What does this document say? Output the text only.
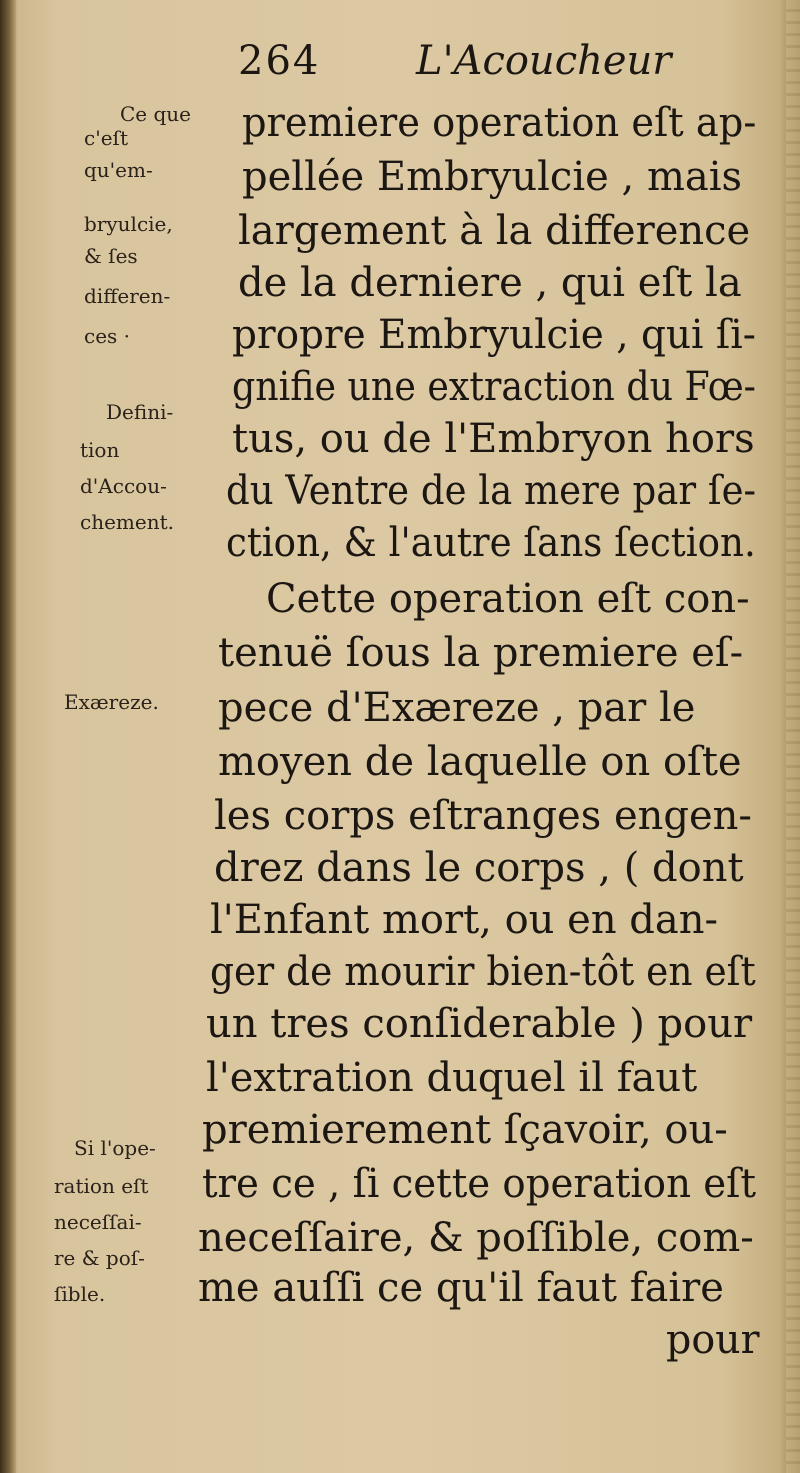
264 L'Acoucheur
premiere operation eſt ap-
pellée Embryulcie , mais
largement à la difference
de la derniere , qui eſt la
propre Embryulcie , qui ſi-
gnifie une extraction du Fœ-
tus, ou de l'Embryon hors
du Ventre de la mere par ſe-
ction, & l'autre ſans ſection.
Cette operation eſt con-
tenuë ſous la premiere eſ-
pece d'Exæreze , par le
moyen de laquelle on oſte
les corps eſtranges engen-
drez dans le corps , ( dont
l'Enfant mort, ou en dan-
ger de mourir bien-tôt en eſt
un tres conſiderable ) pour
l'extration duquel il faut
premierement ſçavoir, ou-
tre ce , ſi cette operation eſt
neceſſaire, & poſſible, com-
me auſſi ce qu'il faut faire
pour
Ce que
c'eſt
qu'em-
bryulcie,
& ſes
differen-
ces ·
Defini-
tion
d'Accou-
chement.
Exæreze.
Si l'ope-
ration eſt
neceſſai-
re & poſ-
ſible.
